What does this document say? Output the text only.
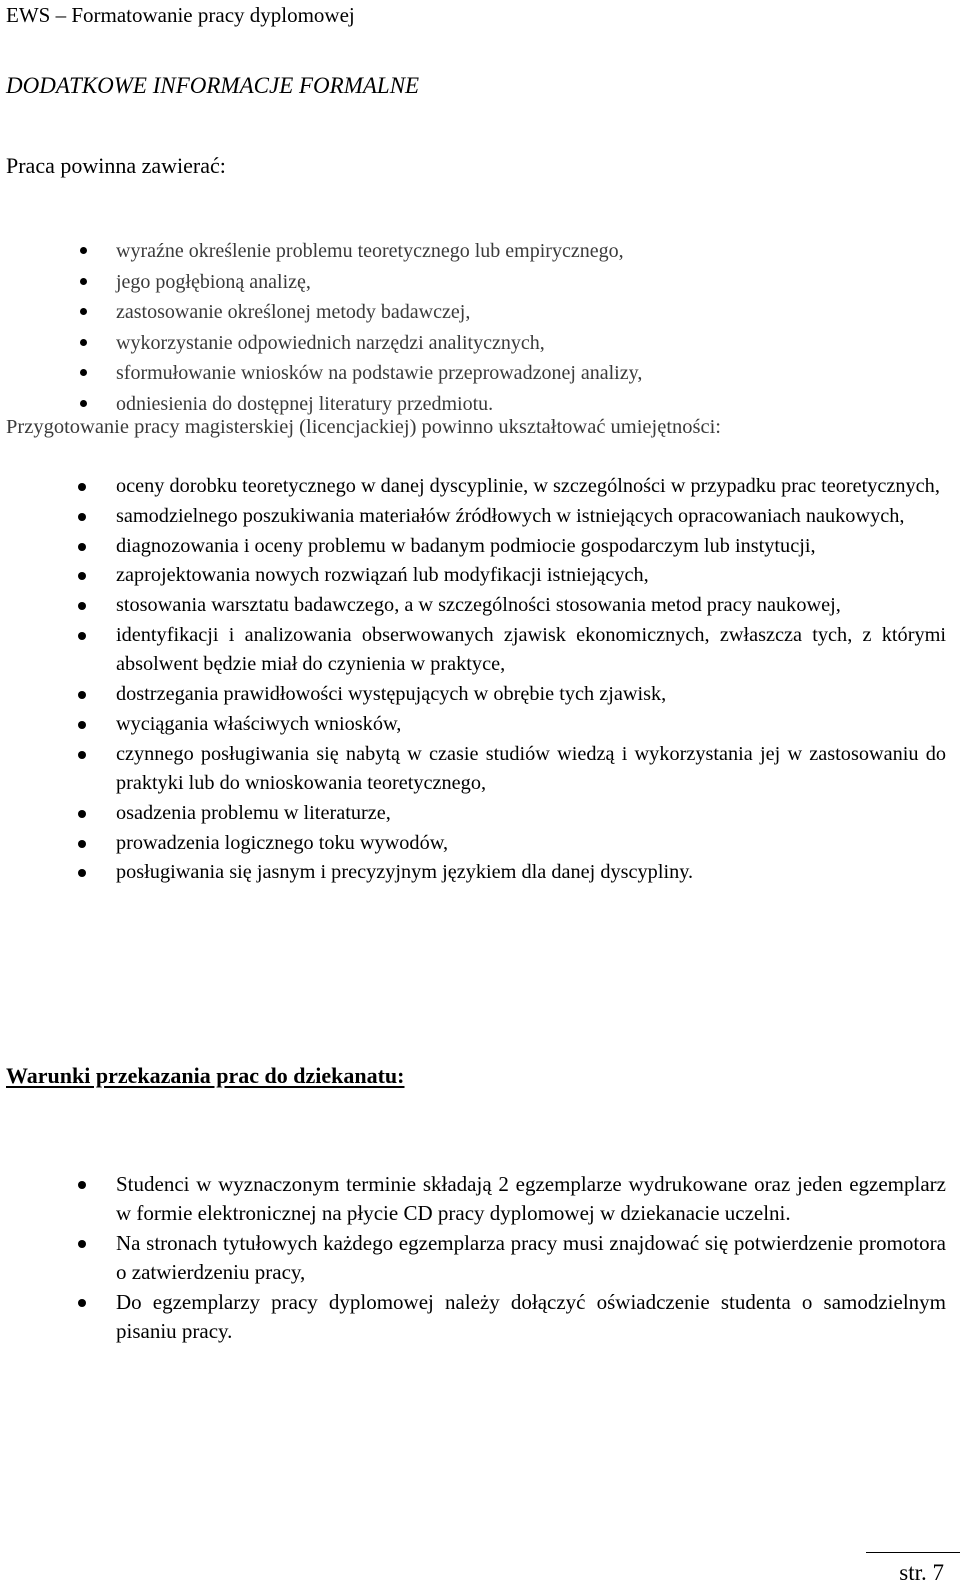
EWS – Formatowanie pracy dyplomowej
DODATKOWE INFORMACJE FORMALNE
Praca powinna zawierać:
wyraźne określenie problemu teoretycznego lub empirycznego,
jego pogłębioną analizę,
zastosowanie określonej metody badawczej,
wykorzystanie odpowiednich narzędzi analitycznych,
sformułowanie wniosków na podstawie przeprowadzonej analizy,
odniesienia do dostępnej literatury przedmiotu.
Przygotowanie pracy magisterskiej (licencjackiej) powinno ukształtować umiejętności:
oceny dorobku teoretycznego w danej dyscyplinie, w szczególności w przypadku prac teoretycznych,
samodzielnego poszukiwania materiałów źródłowych w istniejących opracowaniach naukowych,
diagnozowania i oceny problemu w badanym podmiocie gospodarczym lub instytucji,
zaprojektowania nowych rozwiązań lub modyfikacji istniejących,
stosowania warsztatu badawczego, a w szczególności stosowania metod pracy naukowej,
identyfikacji i analizowania obserwowanych zjawisk ekonomicznych, zwłaszcza tych, z którymi absolwent będzie miał do czynienia w praktyce,
dostrzegania prawidłowości występujących w obrębie tych zjawisk,
wyciągania właściwych wniosków,
czynnego posługiwania się nabytą w czasie studiów wiedzą i wykorzystania jej w zastosowaniu do praktyki lub do wnioskowania teoretycznego,
osadzenia problemu w literaturze,
prowadzenia logicznego toku wywodów,
posługiwania się jasnym i precyzyjnym językiem dla danej dyscypliny.
Warunki przekazania prac do dziekanatu:
Studenci w wyznaczonym terminie składają 2 egzemplarze wydrukowane oraz jeden egzemplarz w formie elektronicznej na płycie CD pracy dyplomowej w dziekanacie uczelni.
Na stronach tytułowych każdego egzemplarza pracy musi znajdować się potwierdzenie promotora o zatwierdzeniu pracy,
Do egzemplarzy pracy dyplomowej należy dołączyć oświadczenie studenta o samodzielnym pisaniu pracy.
str. 7
